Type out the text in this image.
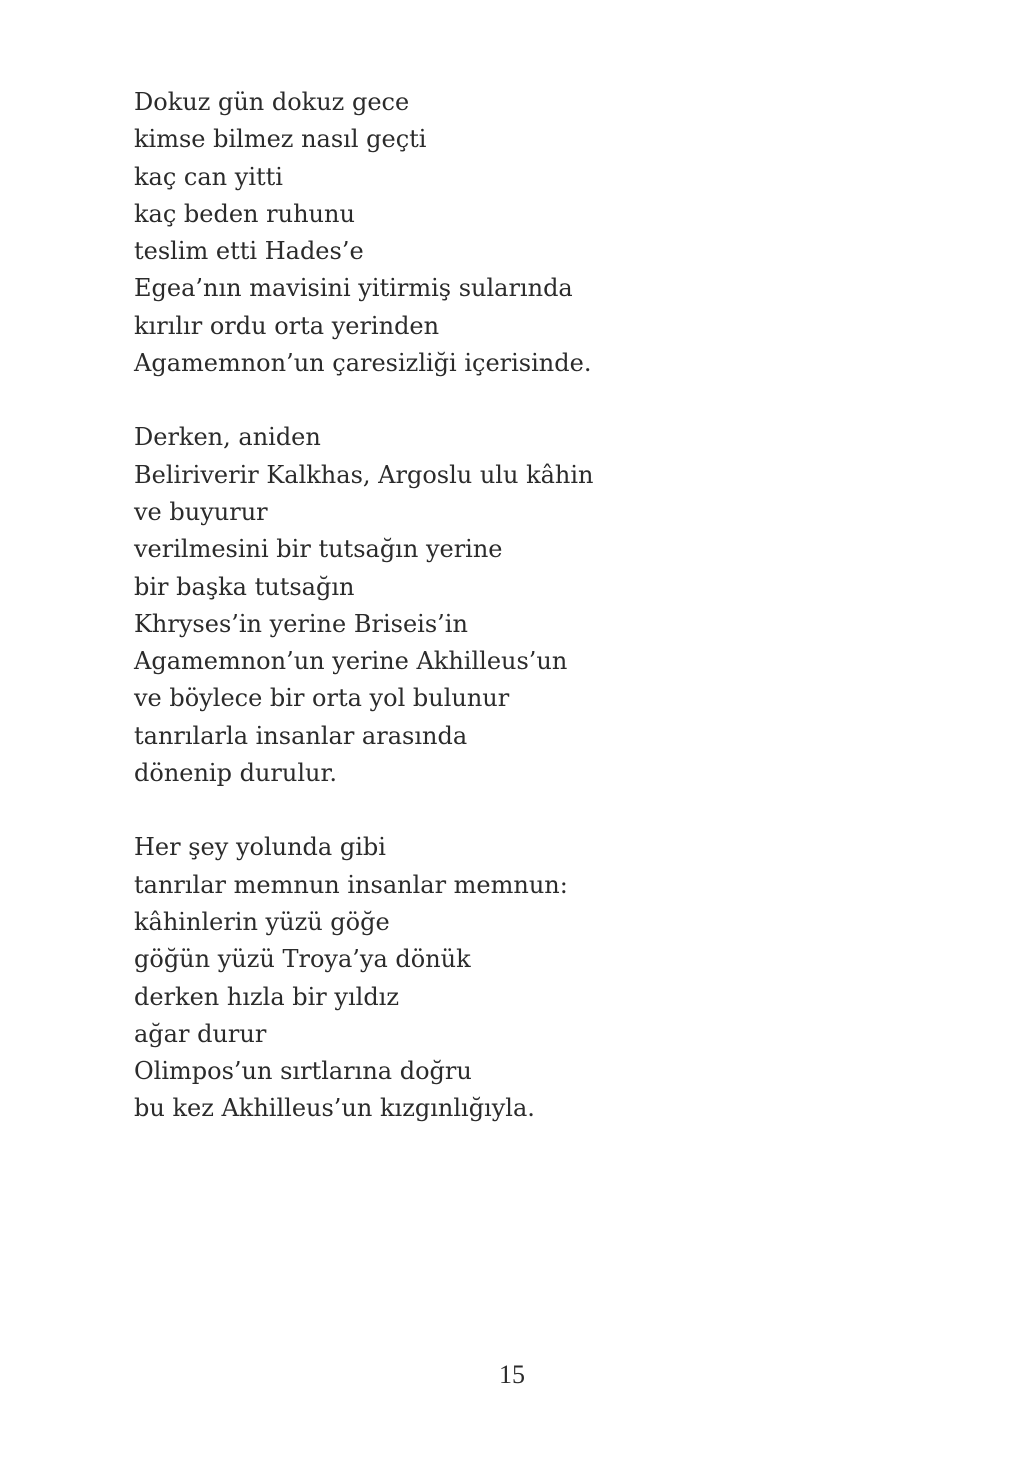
Dokuz gün dokuz gece
kimse bilmez nasıl geçti
kaç can yitti
kaç beden ruhunu
teslim etti Hades’e
Egea’nın mavisini yitirmiş sularında
kırılır ordu orta yerinden
Agamemnon’un çaresizliği içerisinde.
Derken, aniden
Beliriverir Kalkhas, Argoslu ulu kâhin
ve buyurur
verilmesini bir tutsağın yerine
bir başka tutsağın
Khryses’in yerine Briseis’in
Agamemnon’un yerine Akhilleus’un
ve böylece bir orta yol bulunur
tanrılarla insanlar arasında
dönenip durulur.
Her şey yolunda gibi
tanrılar memnun insanlar memnun:
kâhinlerin yüzü göğe
göğün yüzü Troya’ya dönük
derken hızla bir yıldız
ağar durur
Olimpos’un sırtlarına doğru
bu kez Akhilleus’un kızgınlığıyla.
15
